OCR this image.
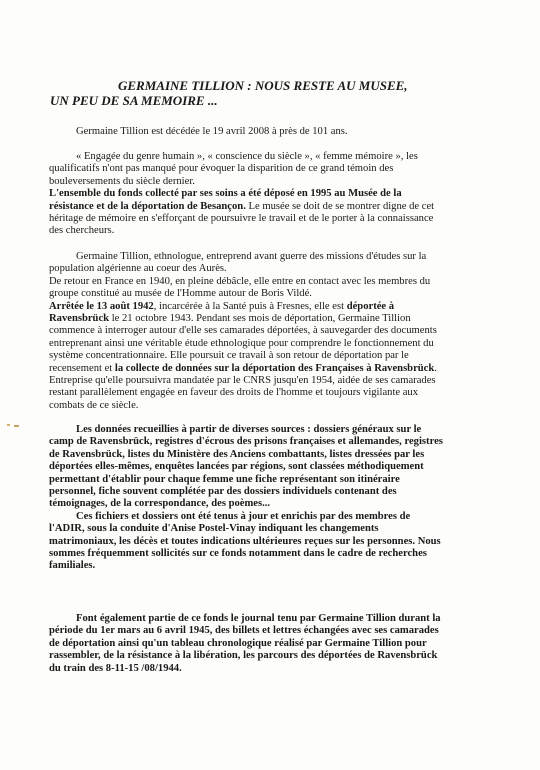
GERMAINE TILLION : NOUS RESTE AU MUSEE,
UN PEU DE SA MEMOIRE ...

Germaine Tillion est décédée le 19 avril 2008 à près de 101 ans.

« Engagée du genre humain », « conscience du siècle », « femme mémoire », les
qualificatifs n'ont pas manqué pour évoquer la disparition de ce grand témoin des
bouleversements du siècle dernier.
L'ensemble du fonds collecté par ses soins a été déposé en 1995 au Musée de la
résistance et de la déportation de Besançon. Le musée se doit de se montrer digne de cet
héritage de mémoire en s'efforçant de poursuivre le travail et de le porter à la connaissance
des chercheurs.

Germaine Tillion, ethnologue, entreprend avant guerre des missions d'études sur la
population algérienne au coeur des Aurès.
De retour en France en 1940, en pleine débâcle, elle entre en contact avec les membres du
groupe constitué au musée de l'Homme autour de Boris Vildé.
Arrêtée le 13 août 1942, incarcérée à la Santé puis à Fresnes, elle est déportée à
Ravensbrück le 21 octobre 1943. Pendant ses mois de déportation, Germaine Tillion
commence à interroger autour d'elle ses camarades déportées, à sauvegarder des documents
entreprenant ainsi une véritable étude ethnologique pour comprendre le fonctionnement du
système concentrationnaire. Elle poursuit ce travail à son retour de déportation par le
recensement et la collecte de données sur la déportation des Françaises à Ravensbrück.
Entreprise qu'elle poursuivra mandatée par le CNRS jusqu'en 1954, aidée de ses camarades
restant parallèlement engagée en faveur des droits de l'homme et toujours vigilante aux
combats de ce siècle.

Les données recueillies à partir de diverses sources : dossiers généraux sur le
camp de Ravensbrück, registres d'écrous des prisons françaises et allemandes, registres
de Ravensbrück, listes du Ministère des Anciens combattants, listes dressées par les
déportées elles-mêmes, enquêtes lancées par régions, sont classées méthodiquement
permettant d'établir pour chaque femme une fiche représentant son itinéraire
personnel, fiche souvent complétée par des dossiers individuels contenant des
témoignages, de la correspondance, des poèmes...
Ces fichiers et dossiers ont été tenus à jour et enrichis par des membres de
l'ADIR, sous la conduite d'Anise Postel-Vinay indiquant les changements
matrimoniaux, les décès et toutes indications ultérieures reçues sur les personnes. Nous
sommes fréquemment sollicités sur ce fonds notamment dans le cadre de recherches
familiales.

Font également partie de ce fonds le journal tenu par Germaine Tillion durant la
période du 1er mars au 6 avril 1945, des billets et lettres échangées avec ses camarades
de déportation ainsi qu'un tableau chronologique réalisé par Germaine Tillion pour
rassembler, de la résistance à la libération, les parcours des déportées de Ravensbrück
du train des 8-11-15 /08/1944.
